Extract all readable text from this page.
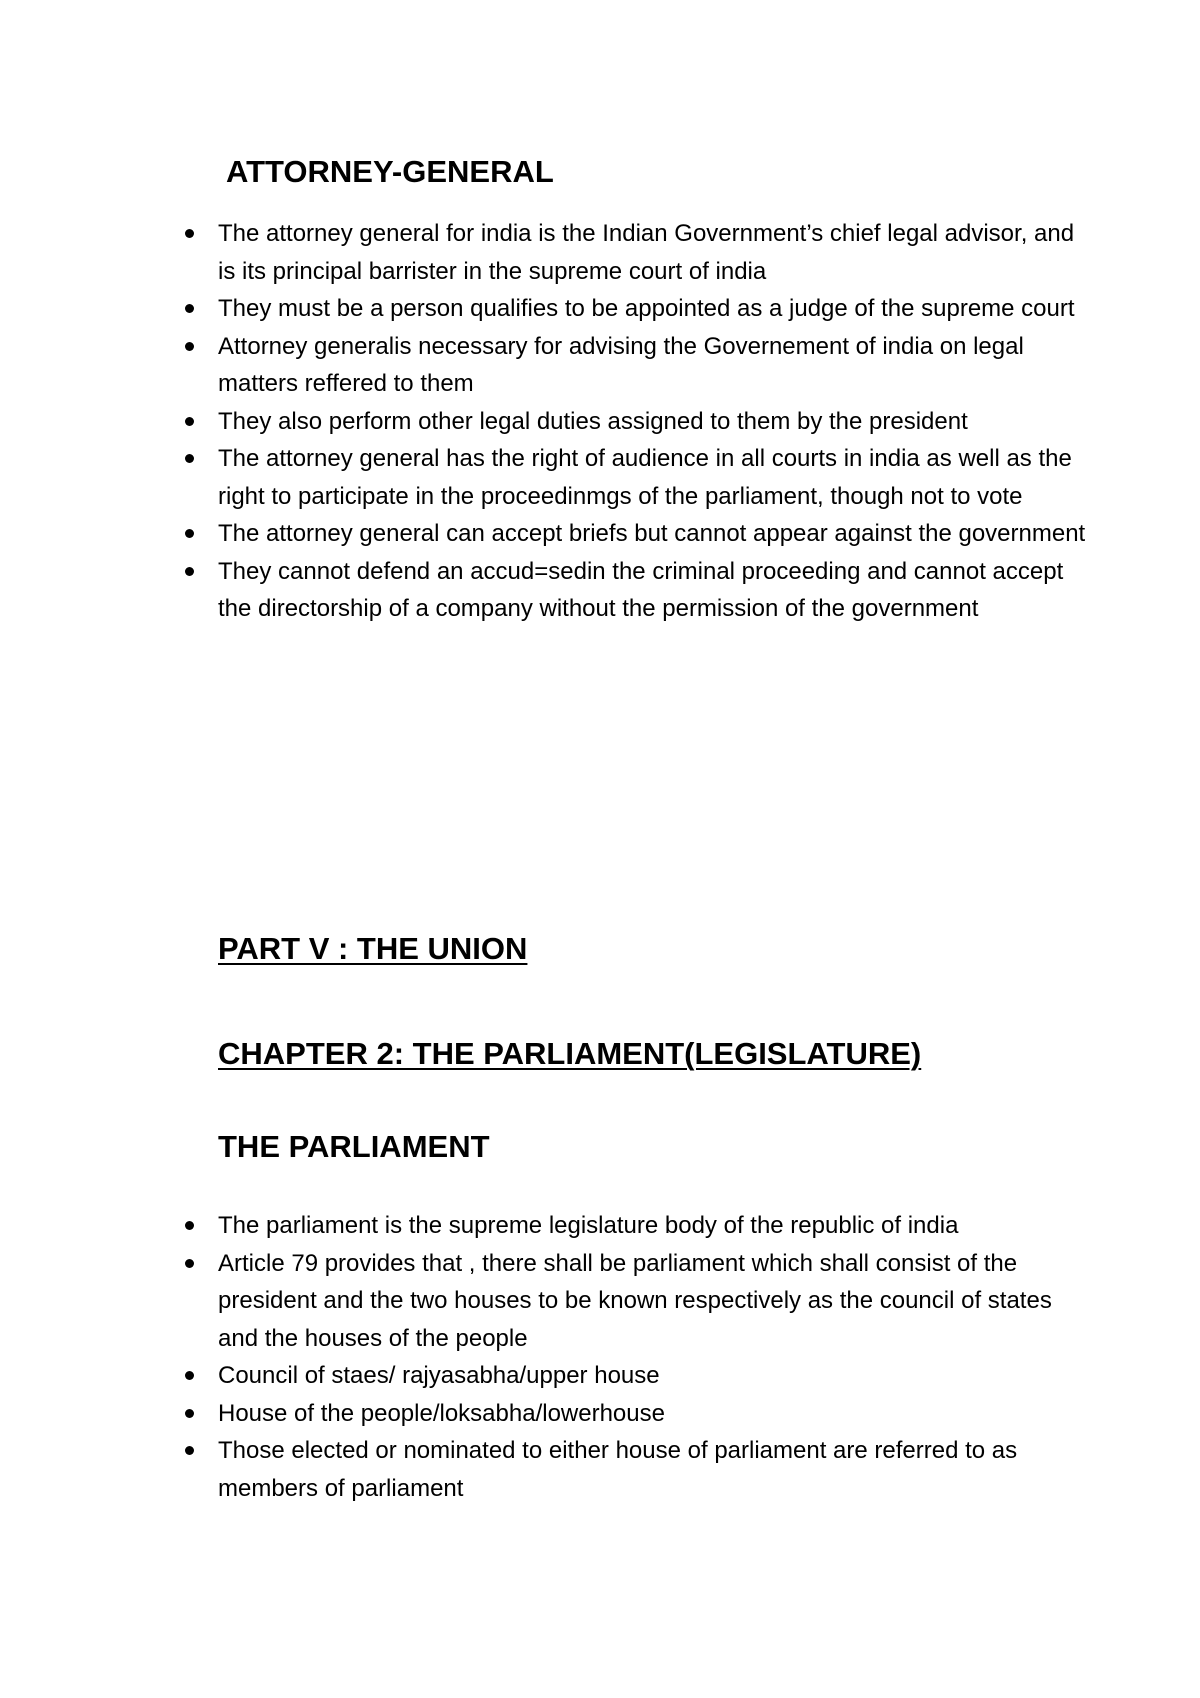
ATTORNEY-GENERAL
The attorney general for india is the Indian Government’s chief legal advisor, and is its principal barrister in the supreme court of india
They must be a person qualifies to be appointed as a judge of the supreme court
Attorney generalis necessary for advising the Governement of india on legal matters reffered to them
They also perform other legal duties assigned to them by the president
The attorney general has the right of audience in all courts in india as well as the right to participate in the proceedinmgs of the parliament, though not to vote
The attorney general can accept briefs but cannot appear against the government
They cannot defend an accud=sedin the criminal proceeding and cannot accept the directorship of a company without the permission of the government
PART V : THE UNION
CHAPTER 2: THE PARLIAMENT(LEGISLATURE)
THE PARLIAMENT
The parliament is the supreme legislature body of the republic of india
Article 79 provides that , there shall be parliament which shall consist of the president and the two houses to be known respectively as the council of states and the houses of the people
Council of staes/ rajyasabha/upper house
House of the people/loksabha/lowerhouse
Those elected or nominated to either house of parliament are referred to as members of parliament
